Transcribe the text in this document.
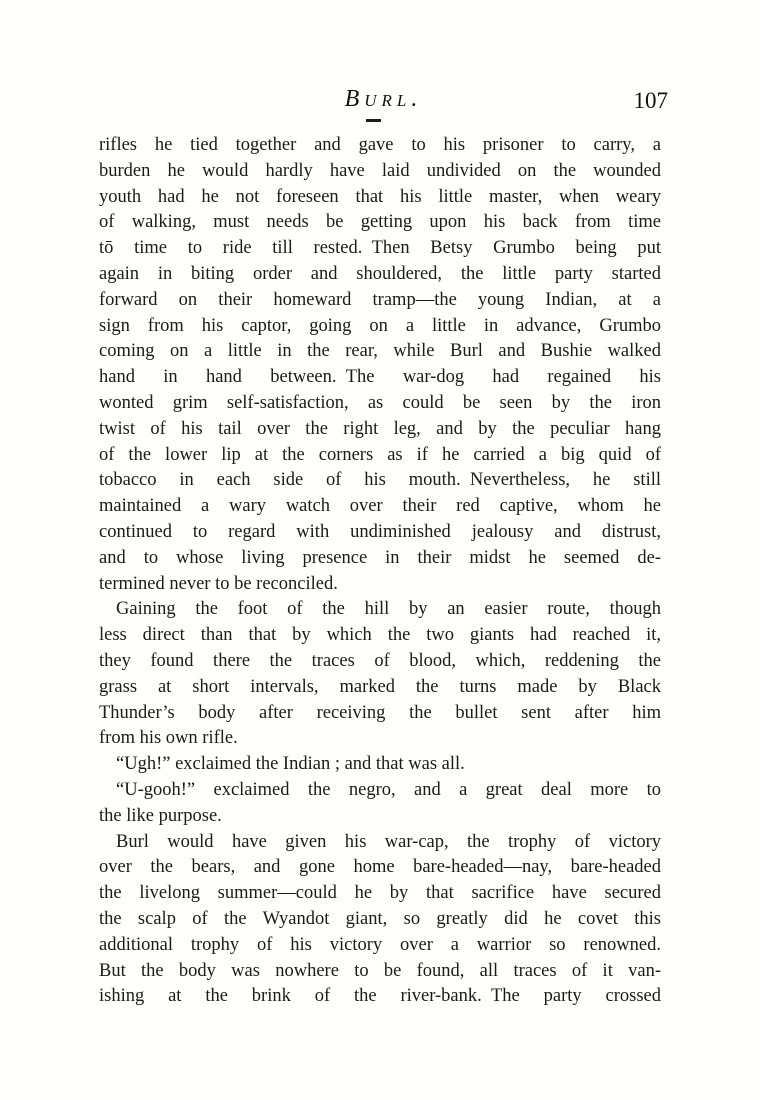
Burl.	107
rifles he tied together and gave to his prisoner to carry, a
burden he would hardly have laid undivided on the wounded
youth had he not foreseen that his little master, when weary
of walking, must needs be getting upon his back from time
tō time to ride till rested. Then Betsy Grumbo being put
again in biting order and shouldered, the little party started
forward on their homeward tramp—the young Indian, at a
sign from his captor, going on a little in advance, Grumbo
coming on a little in the rear, while Burl and Bushie walked
hand in hand between. The war-dog had regained his
wonted grim self-satisfaction, as could be seen by the iron
twist of his tail over the right leg, and by the peculiar hang
of the lower lip at the corners as if he carried a big quid of
tobacco in each side of his mouth. Nevertheless, he still
maintained a wary watch over their red captive, whom he
continued to regard with undiminished jealousy and distrust,
and to whose living presence in their midst he seemed de-
termined never to be reconciled.
Gaining the foot of the hill by an easier route, though
less direct than that by which the two giants had reached it,
they found there the traces of blood, which, reddening the
grass at short intervals, marked the turns made by Black
Thunder’s body after receiving the bullet sent after him
from his own rifle.
“Ugh!” exclaimed the Indian ; and that was all.
“U-gooh!” exclaimed the negro, and a great deal more to
the like purpose.
Burl would have given his war-cap, the trophy of victory
over the bears, and gone home bare-headed—nay, bare-headed
the livelong summer—could he by that sacrifice have secured
the scalp of the Wyandot giant, so greatly did he covet this
additional trophy of his victory over a warrior so renowned.
But the body was nowhere to be found, all traces of it van-
ishing at the brink of the river-bank. The party crossed
